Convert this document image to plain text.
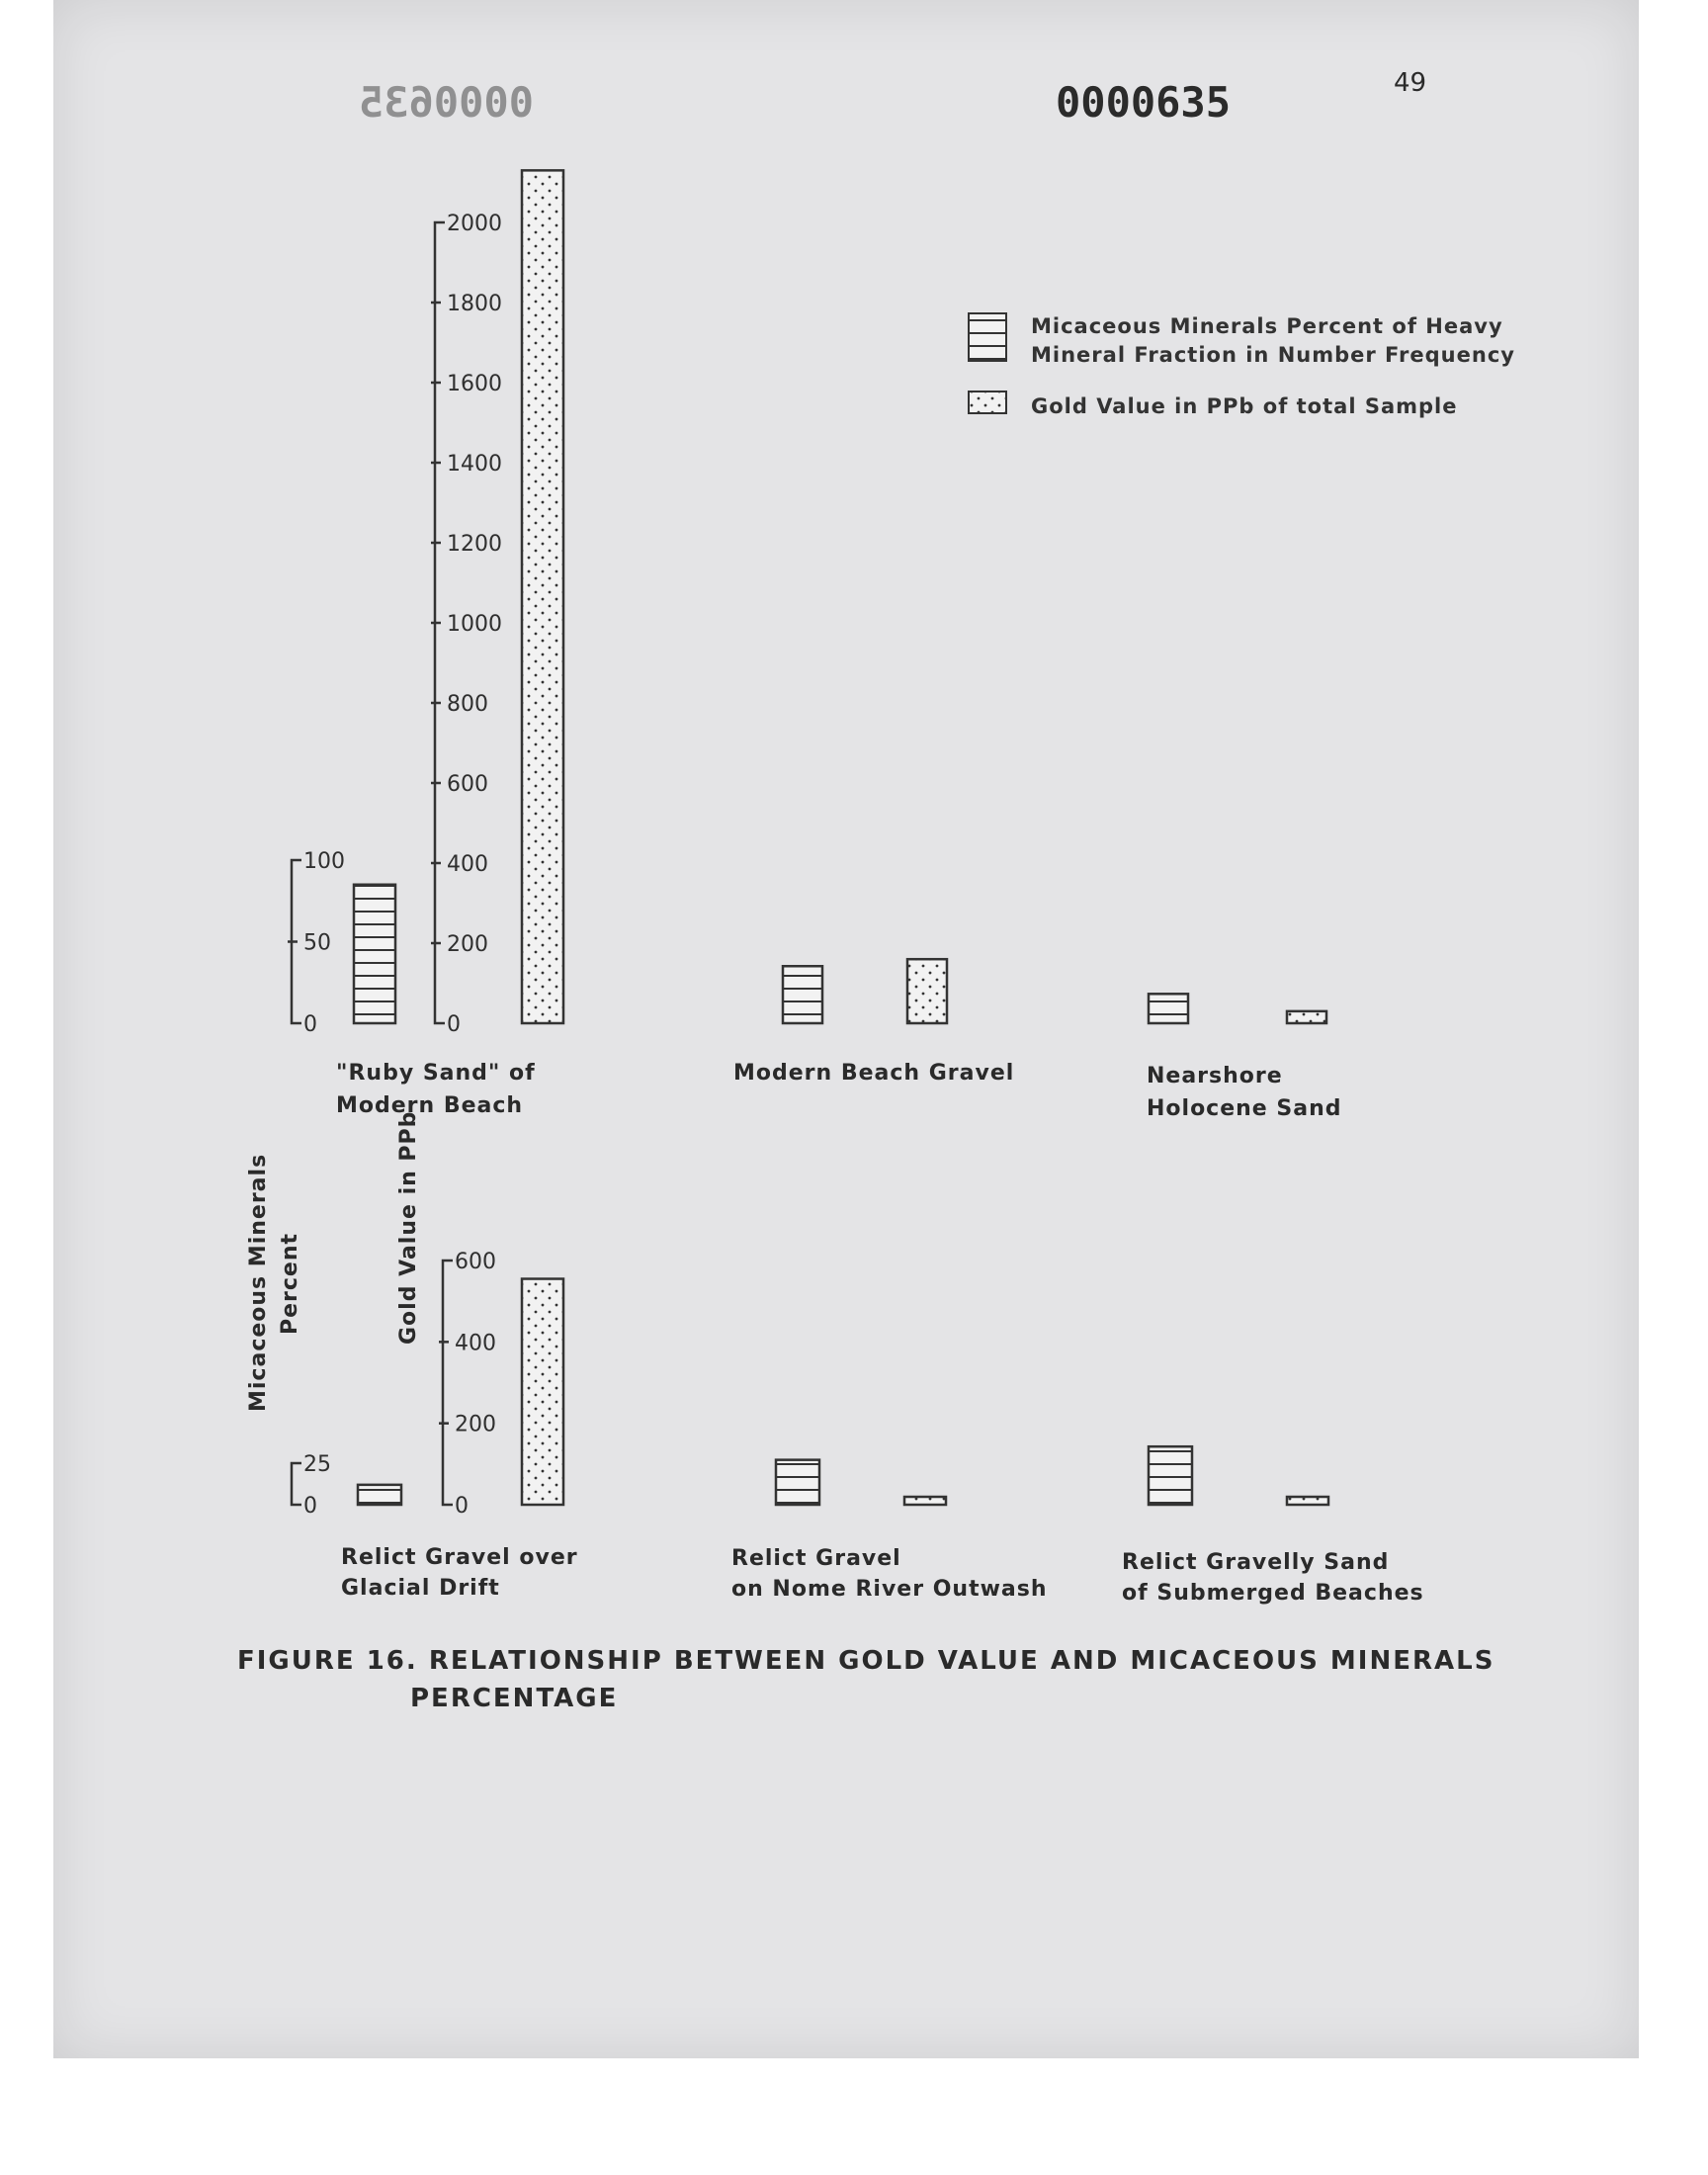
0000635	0000635	49
Micaceous Minerals Percent of Heavy
Mineral Fraction in Number Frequency
Gold Value in PPb of total Sample
Micaceous Minerals Percent	Gold Value in PPb
0
50
100
0
200
400
600
800
1000
1200
1400
1600
1800
2000
"Ruby Sand" of
Modern Beach
Modern Beach Gravel	Nearshore
Holocene Sand
0
25
0
200
400
600
Relict Gravel over
Glacial Drift
Relict Gravel
on Nome River Outwash
Relict Gravelly Sand
of Submerged Beaches
FIGURE 16. RELATIONSHIP BETWEEN GOLD VALUE AND MICACEOUS MINERALS
PERCENTAGE
